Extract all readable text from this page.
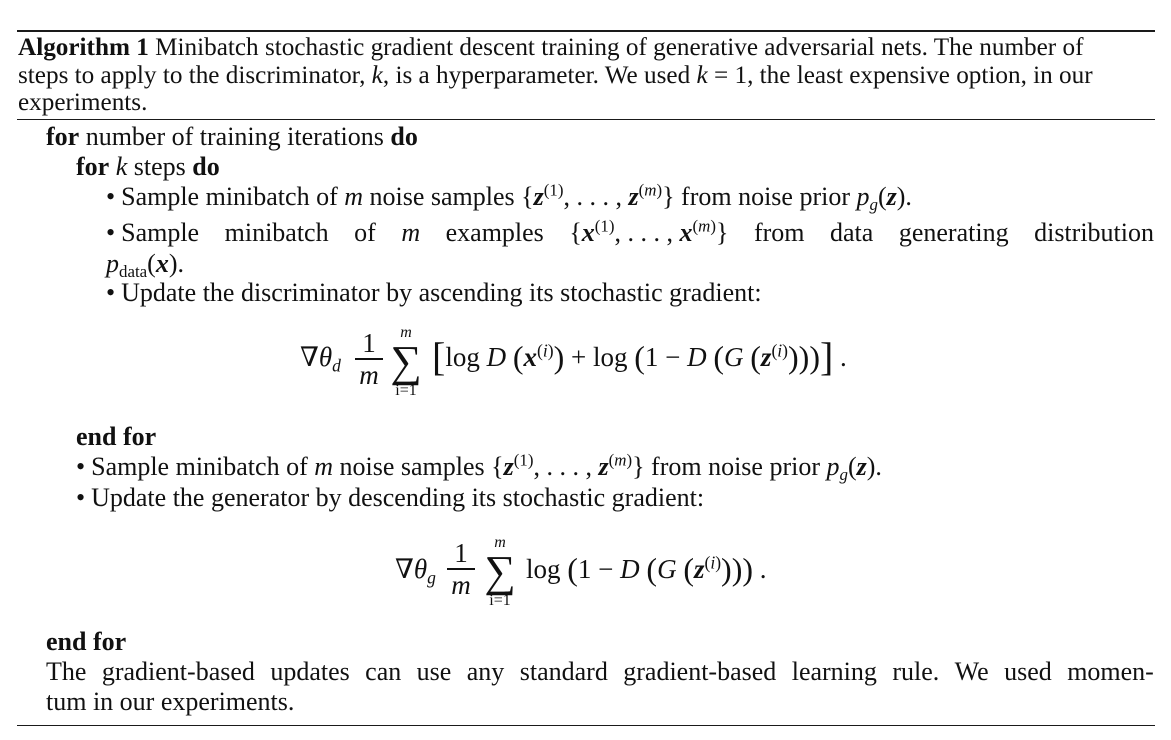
Algorithm 1 Minibatch stochastic gradient descent training of generative adversarial nets. The number of
steps to apply to the discriminator, k, is a hyperparameter. We used k = 1, the least expensive option, in our
experiments.
for number of training iterations do
for k steps do
• Sample minibatch of m noise samples {$z^{(1)}$, . . . , $z^{(m)}$} from noise prior $p_g(z)$.
• Sample minibatch of m examples {$x^{(1)}$, . . . , $x^{(m)}$} from data generating distribution
$p_{data}(x)$.
• Update the discriminator by ascending its stochastic gradient:
$\nabla\theta_d$
1
m
m
∑
i=1
[log D $(x^{(i)}) + \log (1 - D$ (G $(z^{(i)})$))] .
end for
• Sample minibatch of m noise samples {$z^{(1)}$, . . . , $z^{(m)}$} from noise prior $p_g(z)$.
• Update the generator by descending its stochastic gradient:
$\nabla\theta_g$
1
m
m
∑
i=1
log (1 − D (G $(z^{(i)})$)) .
end for
The gradient-based updates can use any standard gradient-based learning rule. We used momen-
tum in our experiments.
